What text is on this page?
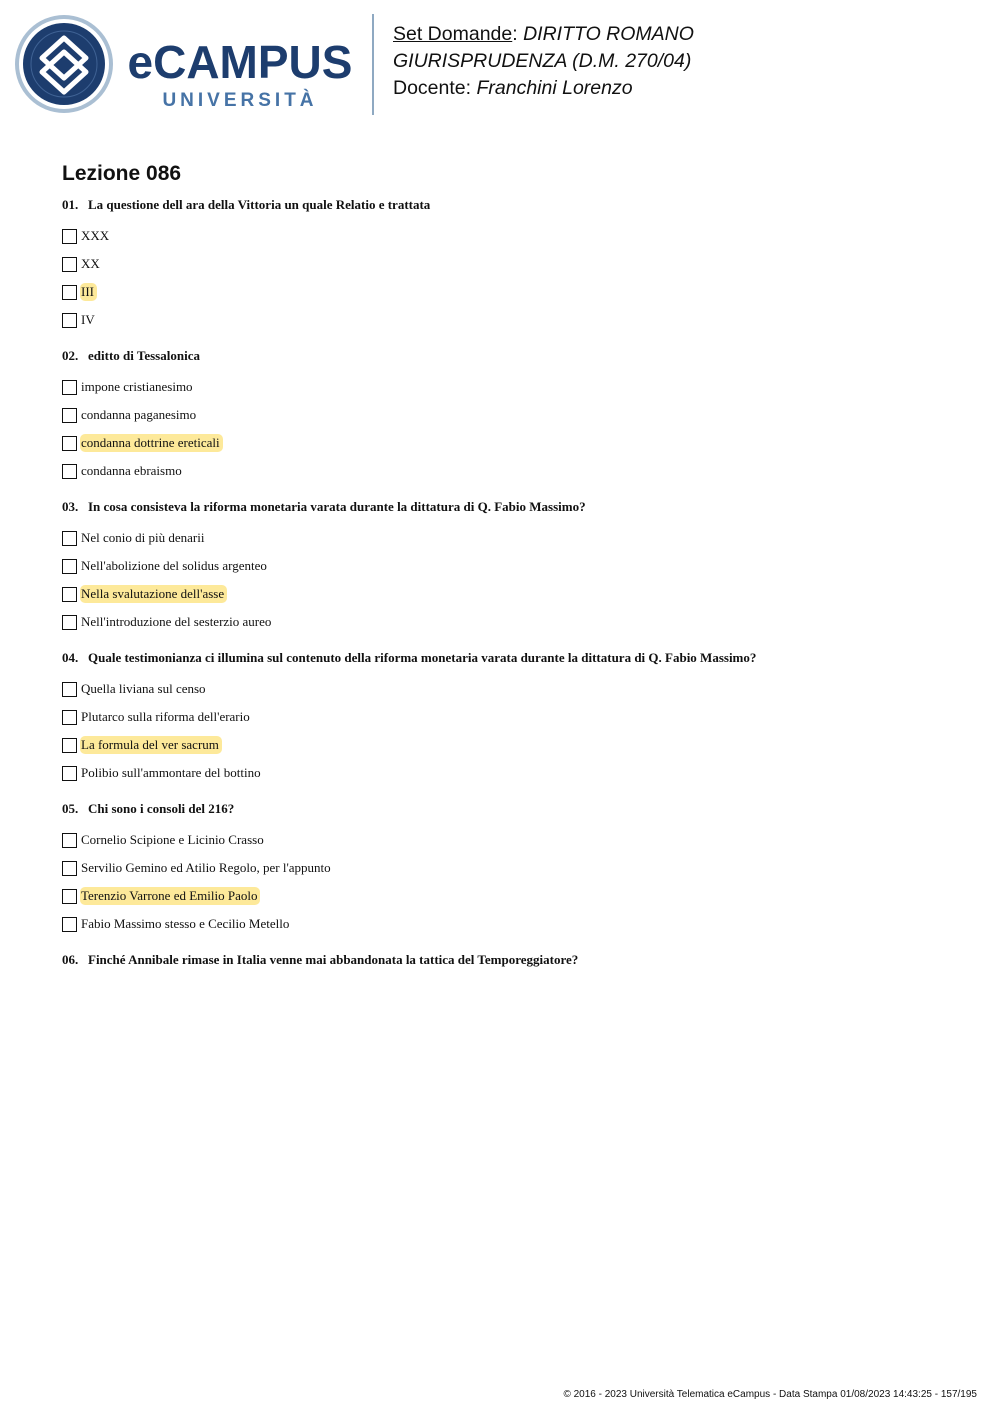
eCAMPUS
UNIVERSITÀ
Set Domande: DIRITTO ROMANO
GIURISPRUDENZA (D.M. 270/04)
Docente: Franchini Lorenzo
Lezione 086
01. La questione dell ara della Vittoria un quale Relatio e trattata
XXX
XX
III
IV
02. editto di Tessalonica
impone cristianesimo
condanna paganesimo
condanna dottrine ereticali
condanna ebraismo
03. In cosa consisteva la riforma monetaria varata durante la dittatura di Q. Fabio Massimo?
Nel conio di più denarii
Nell'abolizione del solidus argenteo
Nella svalutazione dell'asse
Nell'introduzione del sesterzio aureo
04. Quale testimonianza ci illumina sul contenuto della riforma monetaria varata durante la dittatura di Q. Fabio Massimo?
Quella liviana sul censo
Plutarco sulla riforma dell'erario
La formula del ver sacrum
Polibio sull'ammontare del bottino
05. Chi sono i consoli del 216?
Cornelio Scipione e Licinio Crasso
Servilio Gemino ed Atilio Regolo, per l'appunto
Terenzio Varrone ed Emilio Paolo
Fabio Massimo stesso e Cecilio Metello
06. Finché Annibale rimase in Italia venne mai abbandonata la tattica del Temporeggiatore?
© 2016 - 2023 Università Telematica eCampus - Data Stampa 01/08/2023 14:43:25 - 157/195
